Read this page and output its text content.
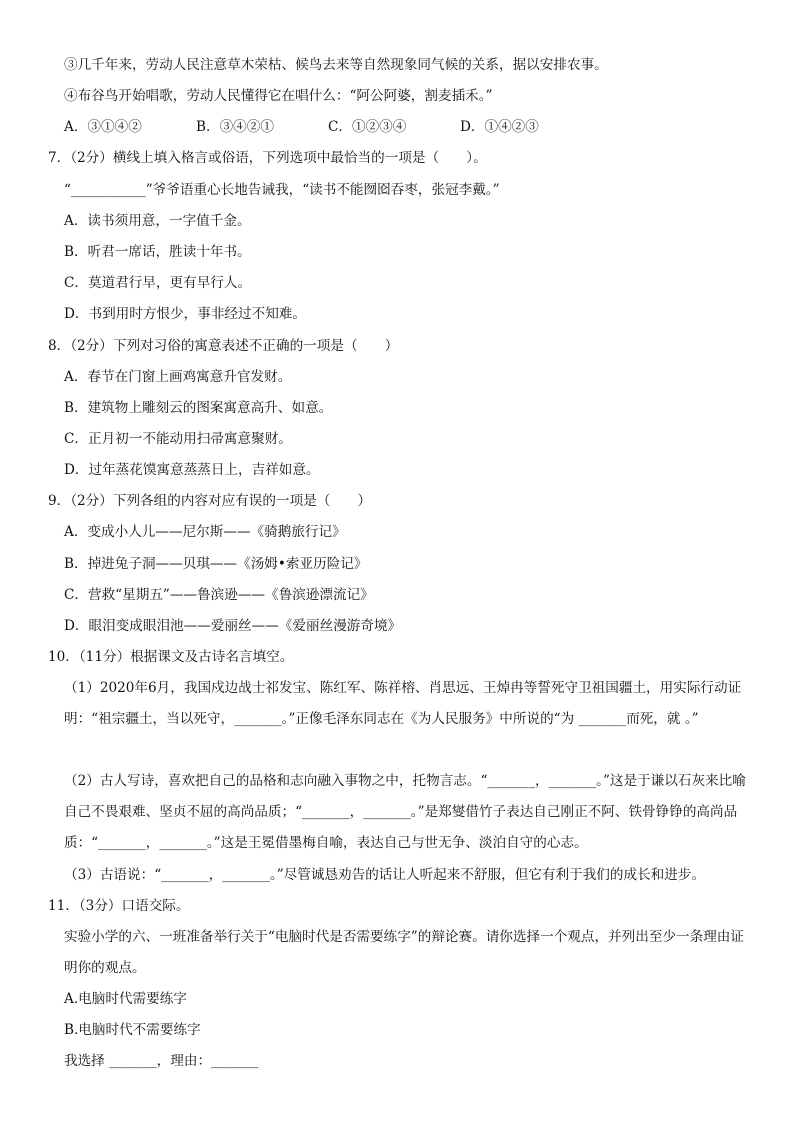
③几千年来，劳动人民注意草木荣枯、候鸟去来等自然现象同气候的关系，据以安排农事。
④布谷鸟开始唱歌，劳动人民懂得它在唱什么：“阿公阿婆，割麦插禾。”
A．③①④②	B．③④②①	C．①②③④	D．①④②③
7．（2分）横线上填入格言或俗语，下列选项中最恰当的一项是（　　）。
“___________”爷爷语重心长地告诫我，“读书不能囫囵吞枣，张冠李戴。”
A．读书须用意，一字值千金。
B．听君一席话，胜读十年书。
C．莫道君行早，更有早行人。
D．书到用时方恨少，事非经过不知难。
8．（2分）下列对习俗的寓意表述不正确的一项是（　　）
A．春节在门窗上画鸡寓意升官发财。
B．建筑物上雕刻云的图案寓意高升、如意。
C．正月初一不能动用扫帚寓意聚财。
D．过年蒸花馍寓意蒸蒸日上，吉祥如意。
9．（2分）下列各组的内容对应有误的一项是（　　）
A．变成小人儿——尼尔斯——《骑鹅旅行记》
B．掉进兔子洞——贝琪——《汤姆•索亚历险记》
C．营救“星期五”——鲁滨逊——《鲁滨逊漂流记》
D．眼泪变成眼泪池——爱丽丝——《爱丽丝漫游奇境》
10．（11分）根据课文及古诗名言填空。
（1）2020年6月，我国戍边战士祁发宝、陈红军、陈祥榕、肖思远、王焯冉等誓死守卫祖国疆土，用实际行动证明：“祖宗疆土，当以死守，_______。”正像毛泽东同志在《为人民服务》中所说的“为 _______而死，就 。”
（2）古人写诗，喜欢把自己的品格和志向融入事物之中，托物言志。“_______，_______。”这是于谦以石灰来比喻自己不畏艰难、坚贞不屈的高尚品质；“_______，_______。”是郑燮借竹子表达自己刚正不阿、铁骨铮铮的高尚品质：“_______，_______。”这是王冕借墨梅自喻，表达自己与世无争、淡泊自守的心志。
（3）古语说：“_______，_______。”尽管诚恳劝告的话让人听起来不舒服，但它有利于我们的成长和进步。
11．（3分）口语交际。
实验小学的六、一班准备举行关于“电脑时代是否需要练字”的辩论赛。请你选择一个观点，并列出至少一条理由证明你的观点。
A.电脑时代需要练字
B.电脑时代不需要练字
我选择 _______，理由：_______
